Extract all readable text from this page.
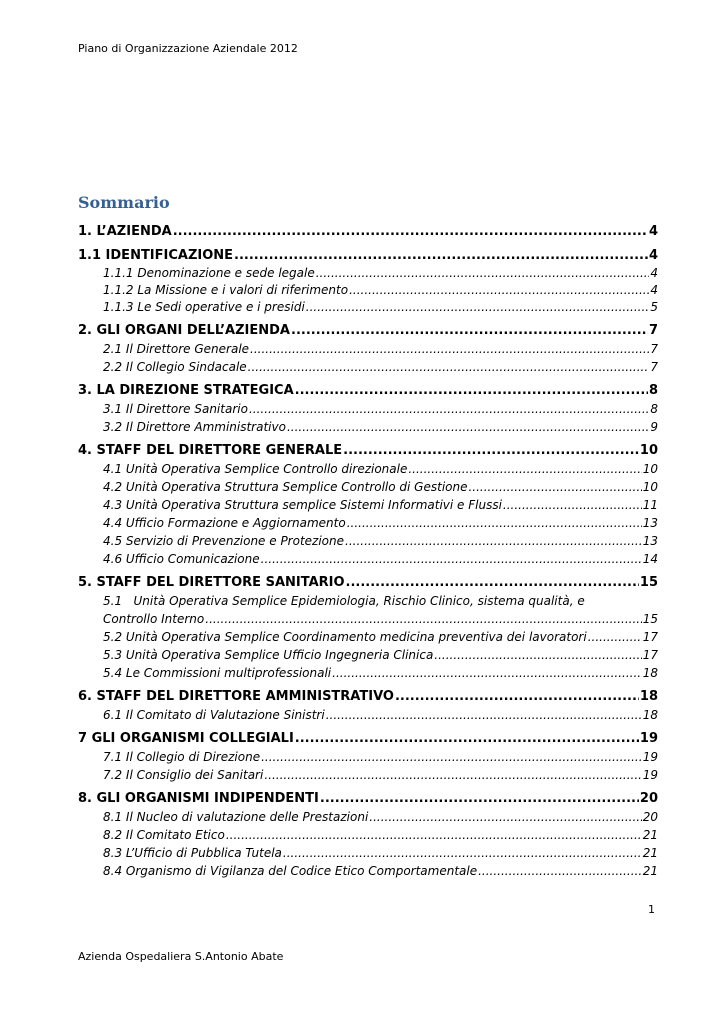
Piano di Organizzazione Aziendale 2012
Sommario
1. L’AZIENDA .....	4
1.1 IDENTIFICAZIONE .....	4
1.1.1 Denominazione e sede legale .....	4
1.1.2 La Missione e i valori di riferimento .....	4
1.1.3 Le Sedi operative e i presidi .....	5
2. GLI ORGANI DELL’AZIENDA .....	7
2.1 Il Direttore Generale .....	7
2.2 Il Collegio Sindacale .....	7
3. LA DIREZIONE STRATEGICA .....	8
3.1 Il Direttore Sanitario .....	8
3.2 Il Direttore Amministrativo .....	9
4. STAFF DEL DIRETTORE GENERALE .....	10
4.1 Unità Operativa Semplice Controllo direzionale .....	10
4.2 Unità Operativa Struttura Semplice Controllo di Gestione .....	10
4.3 Unità Operativa Struttura semplice Sistemi Informativi e Flussi .....	11
4.4 Ufficio Formazione e Aggiornamento .....	13
4.5 Servizio di Prevenzione e Protezione .....	13
4.6 Ufficio Comunicazione .....	14
5. STAFF DEL DIRETTORE SANITARIO .....	15
5.1   Unità Operativa Semplice Epidemiologia, Rischio Clinico, sistema qualità, e
Controllo Interno .....	15
5.2 Unità Operativa Semplice Coordinamento medicina preventiva dei lavoratori .....	17
5.3 Unità Operativa Semplice Ufficio Ingegneria Clinica .....	17
5.4 Le Commissioni multiprofessionali .....	18
6. STAFF DEL DIRETTORE AMMINISTRATIVO .....	18
6.1 Il Comitato di Valutazione Sinistri .....	18
7 GLI ORGANISMI COLLEGIALI .....	19
7.1 Il Collegio di Direzione .....	19
7.2 Il Consiglio dei Sanitari .....	19
8. GLI ORGANISMI INDIPENDENTI .....	20
8.1 Il Nucleo di valutazione delle Prestazioni .....	20
8.2 Il Comitato Etico .....	21
8.3 L’Ufficio di Pubblica Tutela .....	21
8.4 Organismo di Vigilanza del Codice Etico Comportamentale .....	21
1
Azienda Ospedaliera S.Antonio Abate
